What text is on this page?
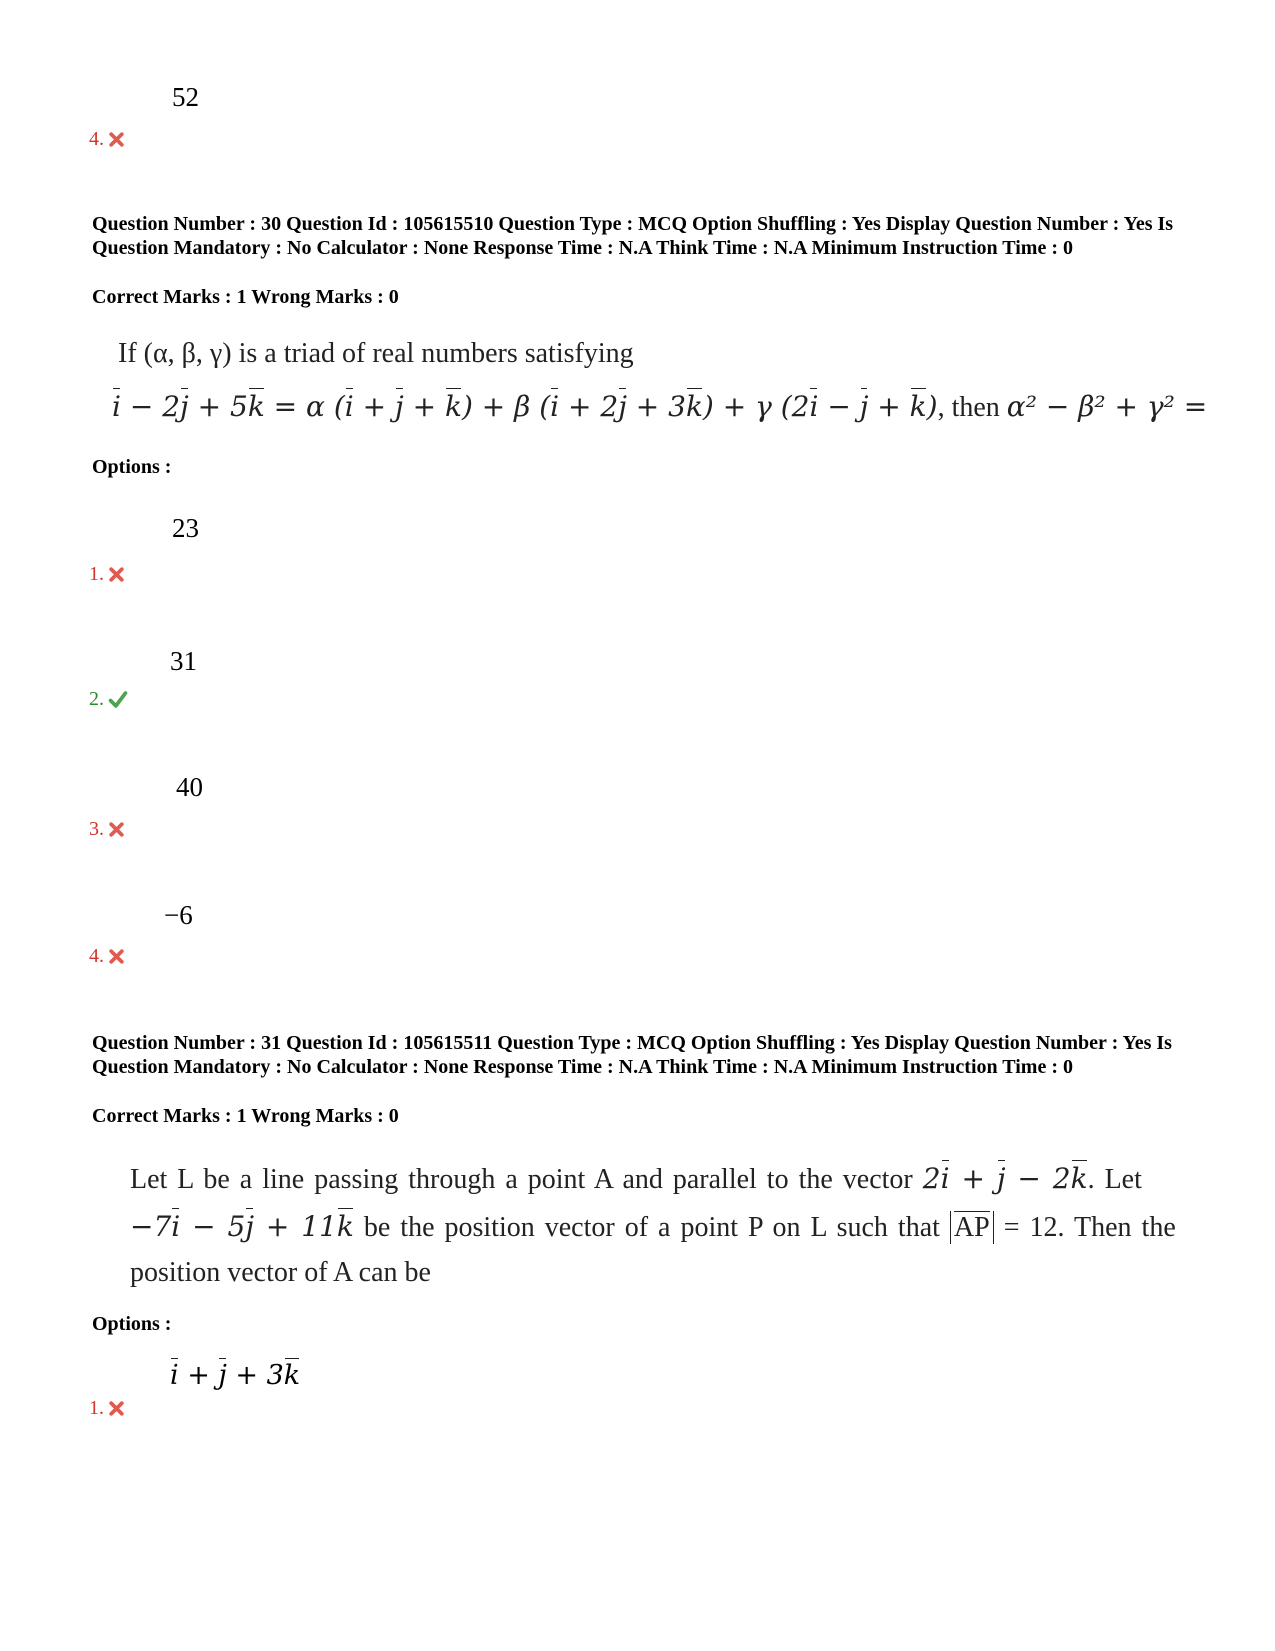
52
4.
Question Number : 30 Question Id : 105615510 Question Type : MCQ Option Shuffling : Yes Display Question Number : Yes Is Question Mandatory : No Calculator : None Response Time : N.A Think Time : N.A Minimum Instruction Time : 0
Correct Marks : 1 Wrong Marks : 0
If (α, β, γ) is a triad of real numbers satisfying
i − 2j + 5k = α (i + j + k) + β (i + 2j + 3k) + γ (2i − j + k), then α² − β² + γ² =
Options :
23
1.
31
2.
40
3.
−6
4.
Question Number : 31 Question Id : 105615511 Question Type : MCQ Option Shuffling : Yes Display Question Number : Yes Is Question Mandatory : No Calculator : None Response Time : N.A Think Time : N.A Minimum Instruction Time : 0
Correct Marks : 1 Wrong Marks : 0
Let L be a line passing through a point A and parallel to the vector 2i + j − 2k. Let
−7i − 5j + 11k be the position vector of a point P on L such that AP = 12. Then the
position vector of A can be
Options :
i + j + 3k
1.
